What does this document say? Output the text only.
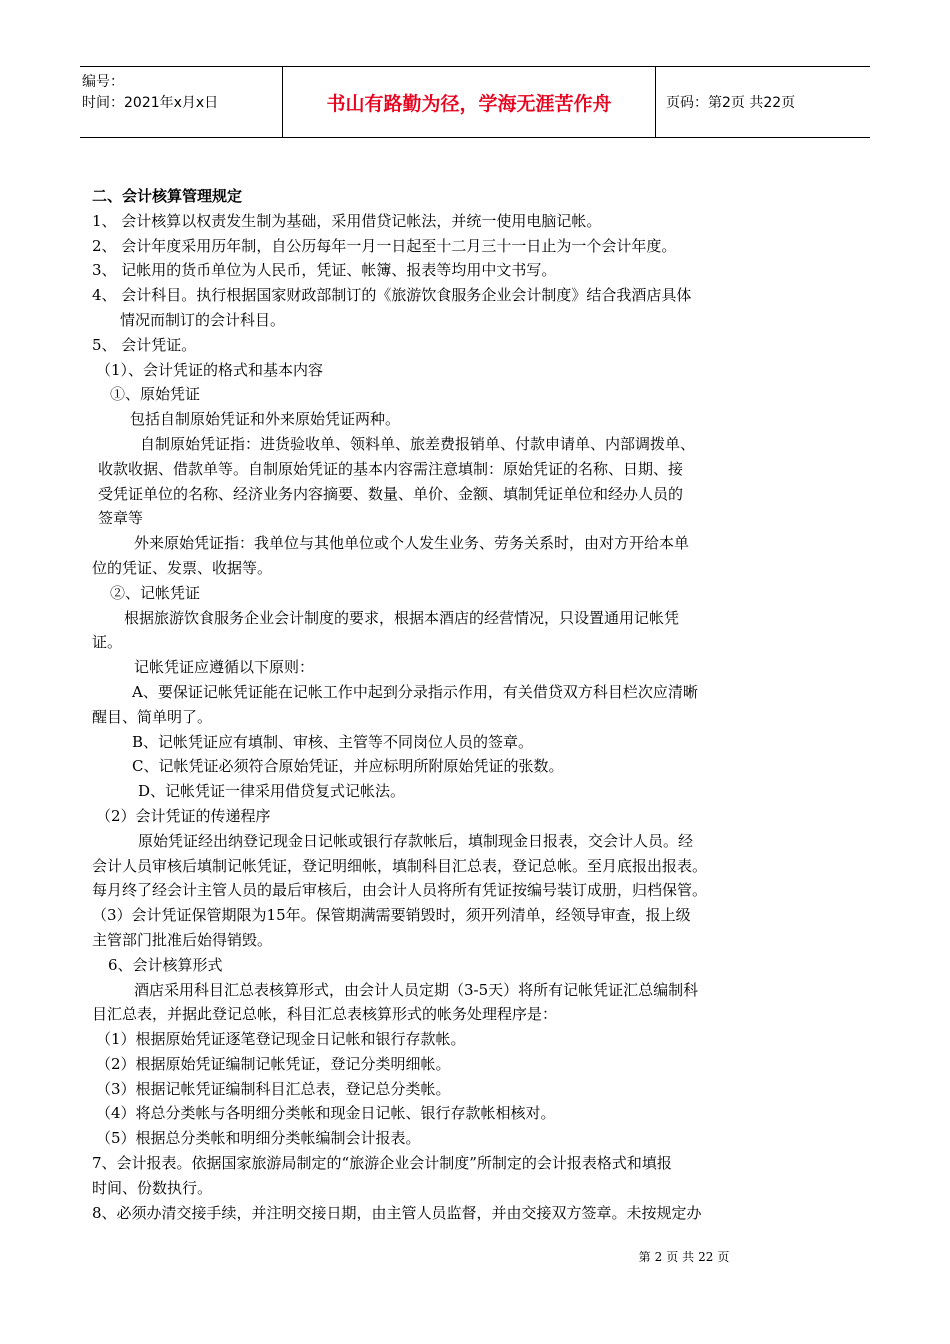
编号：
时间：2021年x月x日	书山有路勤为径，学海无涯苦作舟	页码：第2页 共22页
二、会计核算管理规定
1、 会计核算以权责发生制为基础，采用借贷记帐法，并统一使用电脑记帐。
2、 会计年度采用历年制，自公历每年一月一日起至十二月三十一日止为一个会计年度。
3、 记帐用的货币单位为人民币，凭证、帐簿、报表等均用中文书写。
4、 会计科目。执行根据国家财政部制订的《旅游饮食服务企业会计制度》结合我酒店具体
情况而制订的会计科目。
5、 会计凭证。
（1）、会计凭证的格式和基本内容
①、原始凭证
包括自制原始凭证和外来原始凭证两种。
自制原始凭证指：进货验收单、领料单、旅差费报销单、付款申请单、内部调拨单、
收款收据、借款单等。自制原始凭证的基本内容需注意填制：原始凭证的名称、日期、接
受凭证单位的名称、经济业务内容摘要、数量、单价、金额、填制凭证单位和经办人员的
签章等
外来原始凭证指：我单位与其他单位或个人发生业务、劳务关系时，由对方开给本单
位的凭证、发票、收据等。
②、记帐凭证
根据旅游饮食服务企业会计制度的要求，根据本酒店的经营情况，只设置通用记帐凭
证。
记帐凭证应遵循以下原则：
A、要保证记帐凭证能在记帐工作中起到分录指示作用，有关借贷双方科目栏次应清晰
醒目、简单明了。
B、记帐凭证应有填制、审核、主管等不同岗位人员的签章。
C、记帐凭证必须符合原始凭证，并应标明所附原始凭证的张数。
D、记帐凭证一律采用借贷复式记帐法。
（2）会计凭证的传递程序
原始凭证经出纳登记现金日记帐或银行存款帐后，填制现金日报表，交会计人员。经
会计人员审核后填制记帐凭证，登记明细帐，填制科目汇总表，登记总帐。至月底报出报表。
每月终了经会计主管人员的最后审核后，由会计人员将所有凭证按编号装订成册，归档保管。
（3）会计凭证保管期限为15年。保管期满需要销毁时，须开列清单，经领导审查，报上级
主管部门批准后始得销毁。
6、会计核算形式
酒店采用科目汇总表核算形式，由会计人员定期（3-5天）将所有记帐凭证汇总编制科
目汇总表，并据此登记总帐，科目汇总表核算形式的帐务处理程序是：
（1）根据原始凭证逐笔登记现金日记帐和银行存款帐。
（2）根据原始凭证编制记帐凭证，登记分类明细帐。
（3）根据记帐凭证编制科目汇总表，登记总分类帐。
（4）将总分类帐与各明细分类帐和现金日记帐、银行存款帐相核对。
（5）根据总分类帐和明细分类帐编制会计报表。
7、会计报表。依据国家旅游局制定的“旅游企业会计制度”所制定的会计报表格式和填报
时间、份数执行。
8、必须办清交接手续，并注明交接日期，由主管人员监督，并由交接双方签章。未按规定办
第 2 页 共 22 页
